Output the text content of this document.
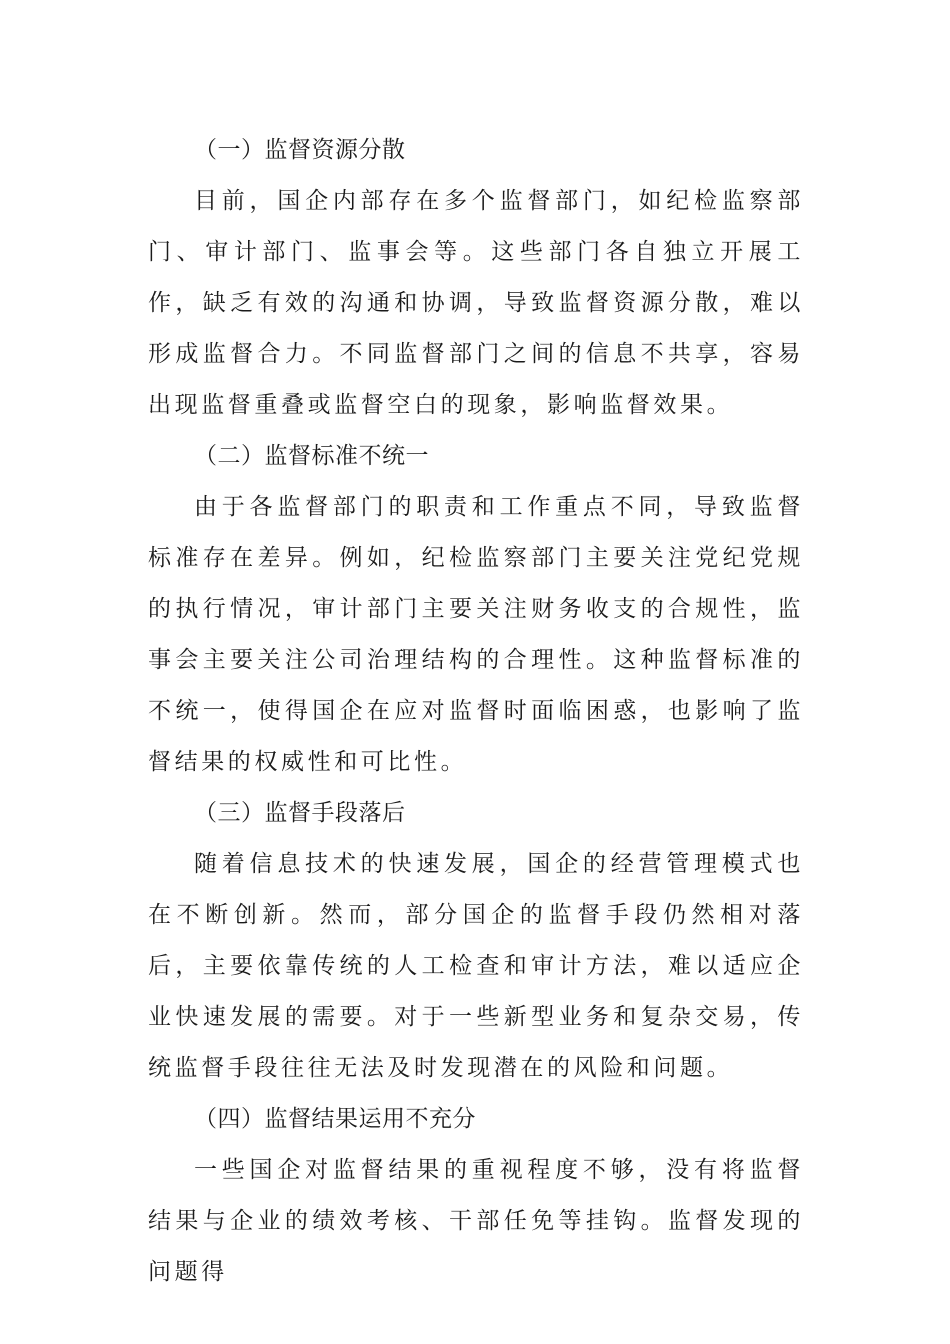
（一）监督资源分散

目前，国企内部存在多个监督部门，如纪检监察部门、审计部门、监事会等。这些部门各自独立开展工作，缺乏有效的沟通和协调，导致监督资源分散，难以形成监督合力。不同监督部门之间的信息不共享，容易出现监督重叠或监督空白的现象，影响监督效果。

（二）监督标准不统一

由于各监督部门的职责和工作重点不同，导致监督标准存在差异。例如，纪检监察部门主要关注党纪党规的执行情况，审计部门主要关注财务收支的合规性，监事会主要关注公司治理结构的合理性。这种监督标准的不统一，使得国企在应对监督时面临困惑，也影响了监督结果的权威性和可比性。

（三）监督手段落后

随着信息技术的快速发展，国企的经营管理模式也在不断创新。然而，部分国企的监督手段仍然相对落后，主要依靠传统的人工检查和审计方法，难以适应企业快速发展的需要。对于一些新型业务和复杂交易，传统监督手段往往无法及时发现潜在的风险和问题。

（四）监督结果运用不充分

一些国企对监督结果的重视程度不够，没有将监督结果与企业的绩效考核、干部任免等挂钩。监督发现的问题得
